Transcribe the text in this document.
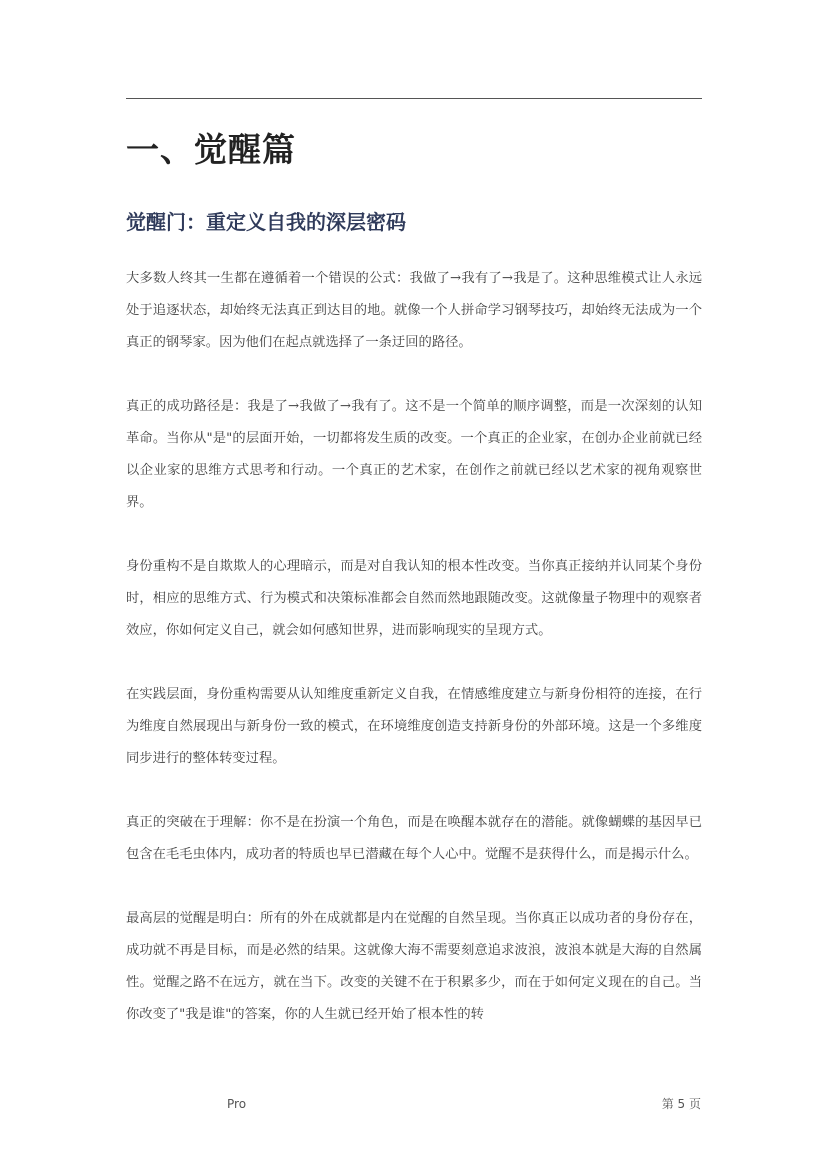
一、觉醒篇
觉醒门：重定义自我的深层密码

大多数人终其一生都在遵循着一个错误的公式：我做了→我有了→我是了。这种思维模式让人永远处于追逐状态，却始终无法真正到达目的地。就像一个人拼命学习钢琴技巧，却始终无法成为一个真正的钢琴家。因为他们在起点就选择了一条迂回的路径。

真正的成功路径是：我是了→我做了→我有了。这不是一个简单的顺序调整，而是一次深刻的认知革命。当你从"是"的层面开始，一切都将发生质的改变。一个真正的企业家，在创办企业前就已经以企业家的思维方式思考和行动。一个真正的艺术家，在创作之前就已经以艺术家的视角观察世界。

身份重构不是自欺欺人的心理暗示，而是对自我认知的根本性改变。当你真正接纳并认同某个身份时，相应的思维方式、行为模式和决策标准都会自然而然地跟随改变。这就像量子物理中的观察者效应，你如何定义自己，就会如何感知世界，进而影响现实的呈现方式。

在实践层面，身份重构需要从认知维度重新定义自我，在情感维度建立与新身份相符的连接，在行为维度自然展现出与新身份一致的模式，在环境维度创造支持新身份的外部环境。这是一个多维度同步进行的整体转变过程。

真正的突破在于理解：你不是在扮演一个角色，而是在唤醒本就存在的潜能。就像蝴蝶的基因早已包含在毛毛虫体内，成功者的特质也早已潜藏在每个人心中。觉醒不是获得什么，而是揭示什么。

最高层的觉醒是明白：所有的外在成就都是内在觉醒的自然呈现。当你真正以成功者的身份存在，成功就不再是目标，而是必然的结果。这就像大海不需要刻意追求波浪，波浪本就是大海的自然属性。觉醒之路不在远方，就在当下。改变的关键不在于积累多少，而在于如何定义现在的自己。当你改变了"我是谁"的答案，你的人生就已经开始了根本性的转

Pro	第 5 页
